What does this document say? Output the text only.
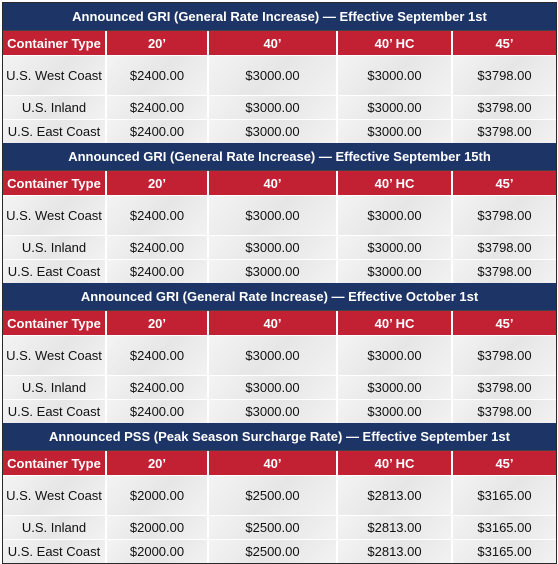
Announced GRI (General Rate Increase) — Effective September 1st
Container Type	20’	40’	40’ HC	45’
U.S. West Coast	$2400.00	$3000.00	$3000.00	$3798.00
U.S. Inland	$2400.00	$3000.00	$3000.00	$3798.00
U.S. East Coast	$2400.00	$3000.00	$3000.00	$3798.00
Announced GRI (General Rate Increase) — Effective September 15th
Container Type	20’	40’	40’ HC	45’
U.S. West Coast	$2400.00	$3000.00	$3000.00	$3798.00
U.S. Inland	$2400.00	$3000.00	$3000.00	$3798.00
U.S. East Coast	$2400.00	$3000.00	$3000.00	$3798.00
Announced GRI (General Rate Increase) — Effective October 1st
Container Type	20’	40’	40’ HC	45’
U.S. West Coast	$2400.00	$3000.00	$3000.00	$3798.00
U.S. Inland	$2400.00	$3000.00	$3000.00	$3798.00
U.S. East Coast	$2400.00	$3000.00	$3000.00	$3798.00
Announced PSS (Peak Season Surcharge Rate) — Effective September 1st
Container Type	20’	40’	40’ HC	45’
U.S. West Coast	$2000.00	$2500.00	$2813.00	$3165.00
U.S. Inland	$2000.00	$2500.00	$2813.00	$3165.00
U.S. East Coast	$2000.00	$2500.00	$2813.00	$3165.00
